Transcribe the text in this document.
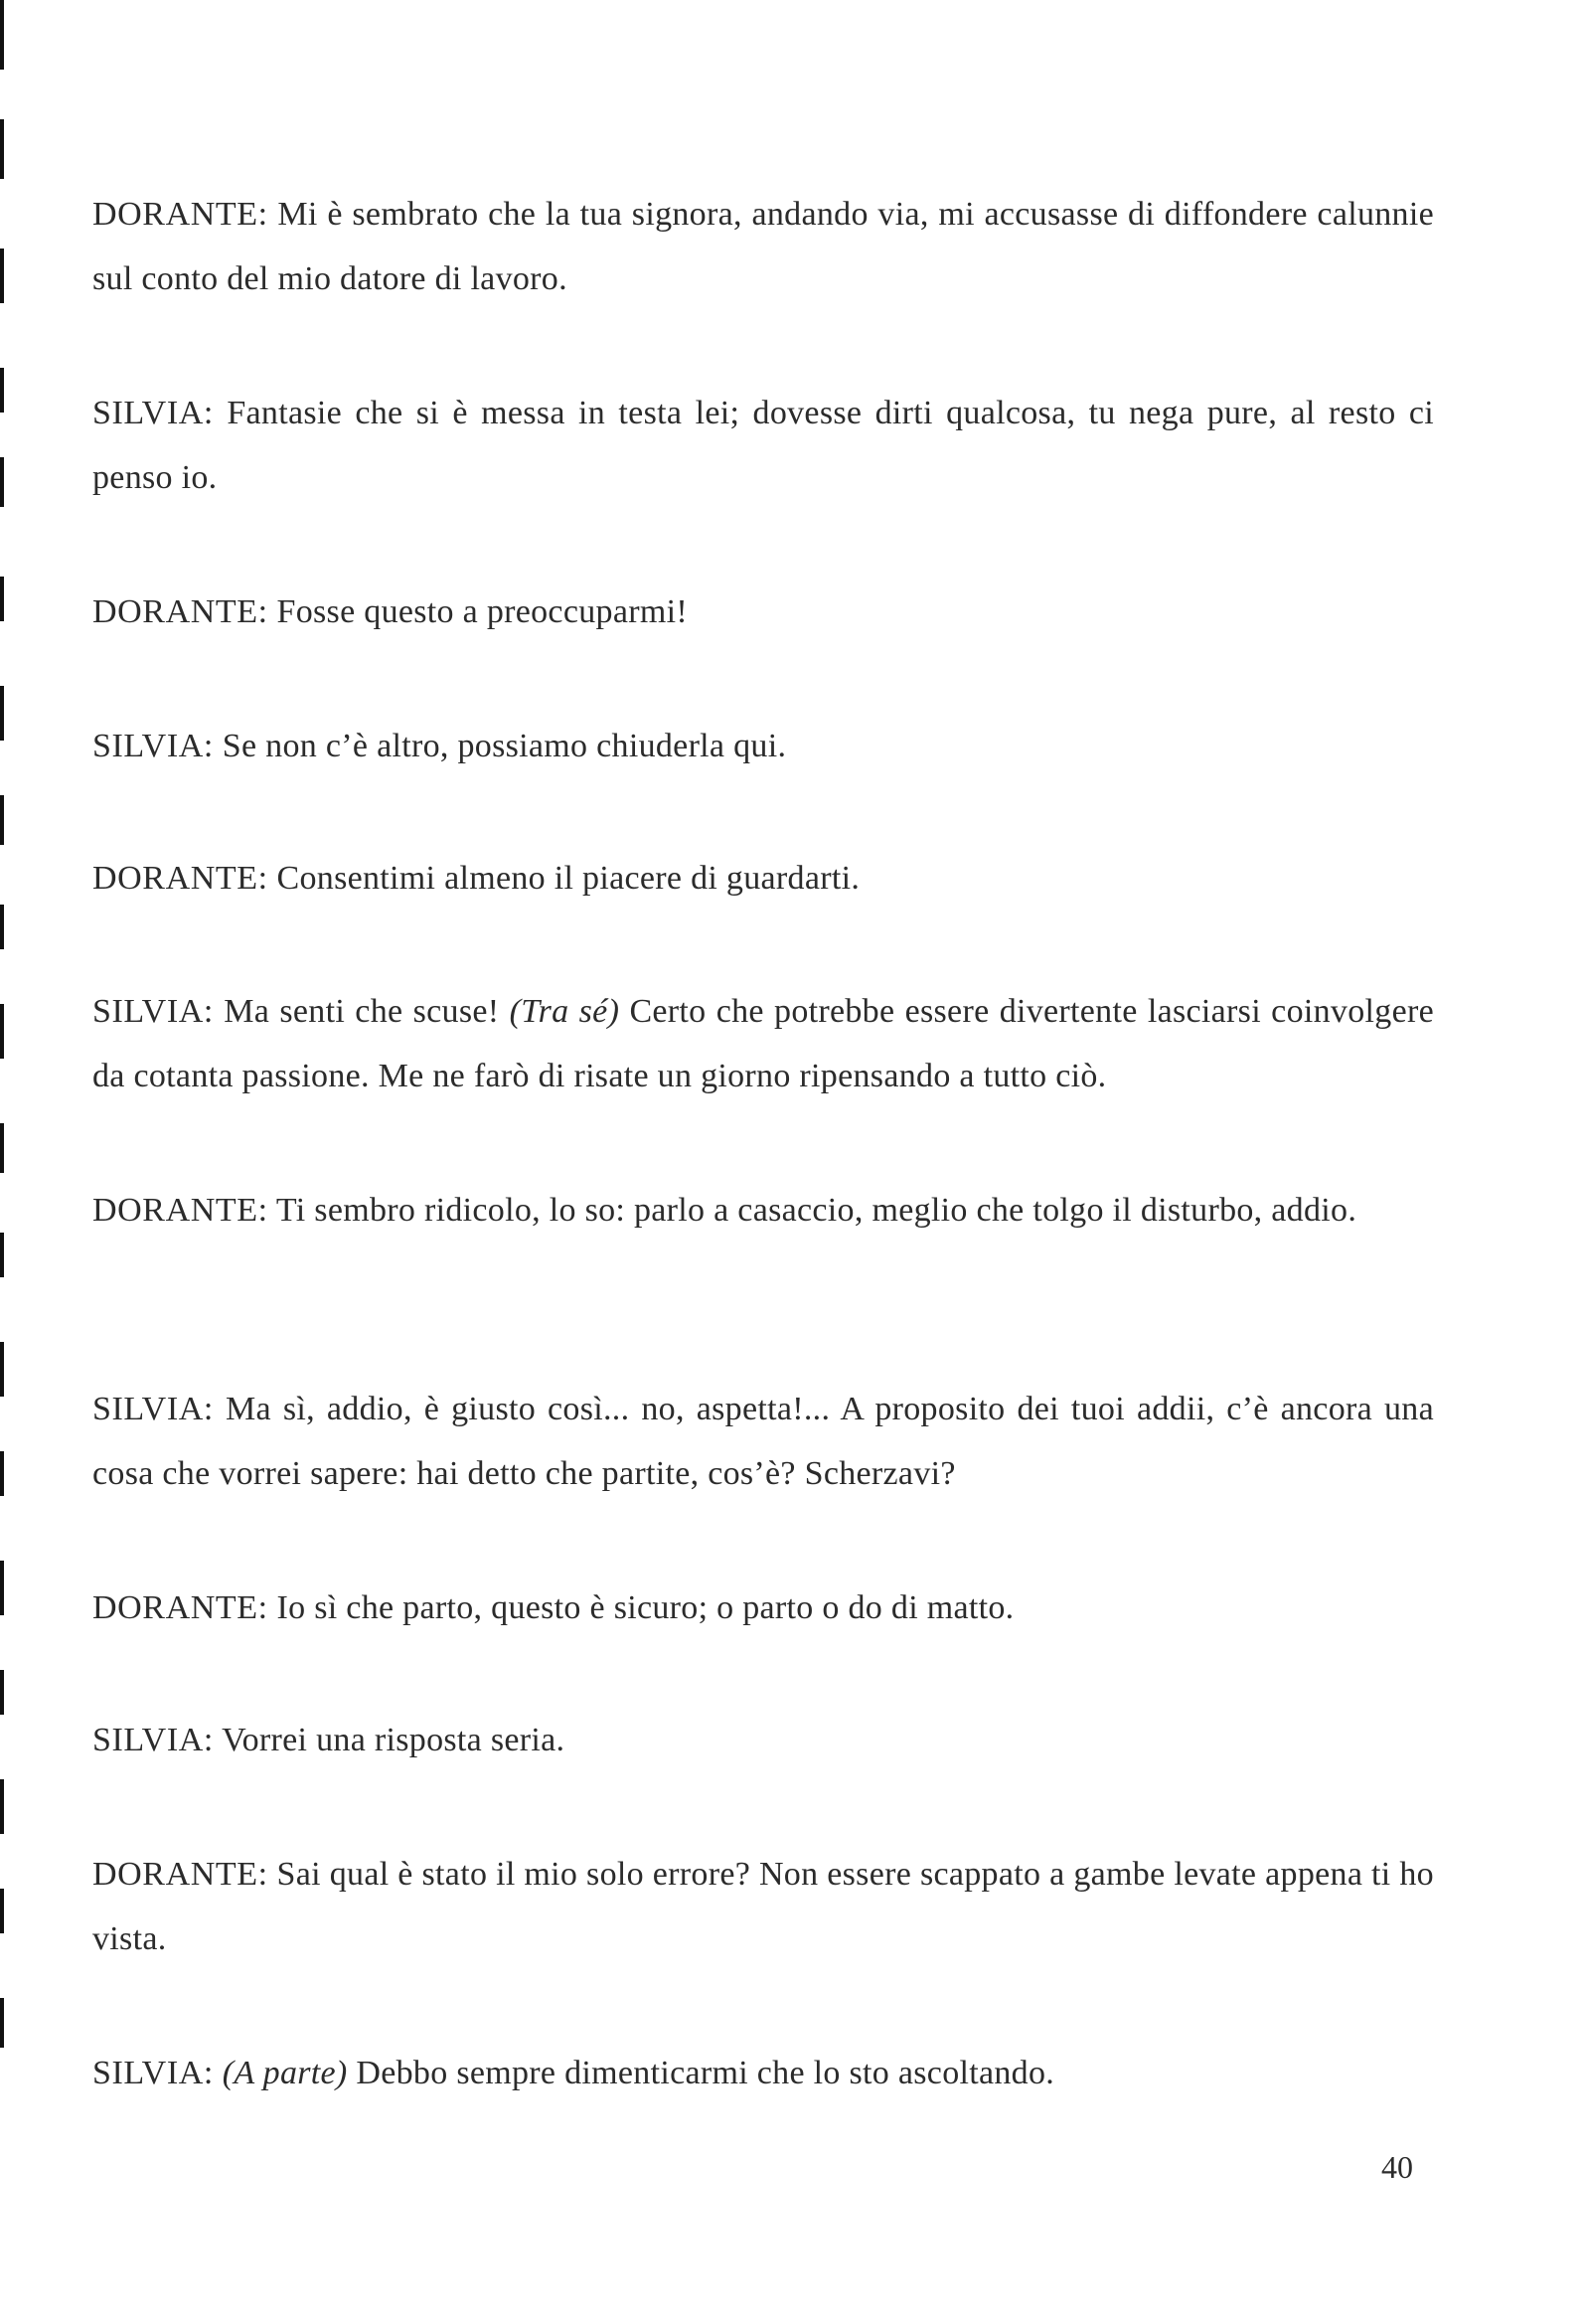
DORANTE: Mi è sembrato che la tua signora, andando via, mi accusasse di diffondere calunnie sul conto del mio datore di lavoro.

SILVIA: Fantasie che si è messa in testa lei; dovesse dirti qualcosa, tu nega pure, al resto ci penso io.

DORANTE: Fosse questo a preoccuparmi!

SILVIA: Se non c’è altro, possiamo chiuderla qui.

DORANTE: Consentimi almeno il piacere di guardarti.

SILVIA: Ma senti che scuse! (Tra sé) Certo che potrebbe essere divertente lasciarsi coinvolgere da cotanta passione. Me ne farò di risate un giorno ripensando a tutto ciò.

DORANTE: Ti sembro ridicolo, lo so: parlo a casaccio, meglio che tolgo il disturbo, addio.

SILVIA: Ma sì, addio, è giusto così... no, aspetta!... A proposito dei tuoi addii, c’è ancora una cosa che vorrei sapere: hai detto che partite, cos’è? Scherzavi?

DORANTE: Io sì che parto, questo è sicuro; o parto o do di matto.

SILVIA: Vorrei una risposta seria.

DORANTE: Sai qual è stato il mio solo errore? Non essere scappato a gambe levate appena ti ho vista.

SILVIA: (A parte) Debbo sempre dimenticarmi che lo sto ascoltando.

40
